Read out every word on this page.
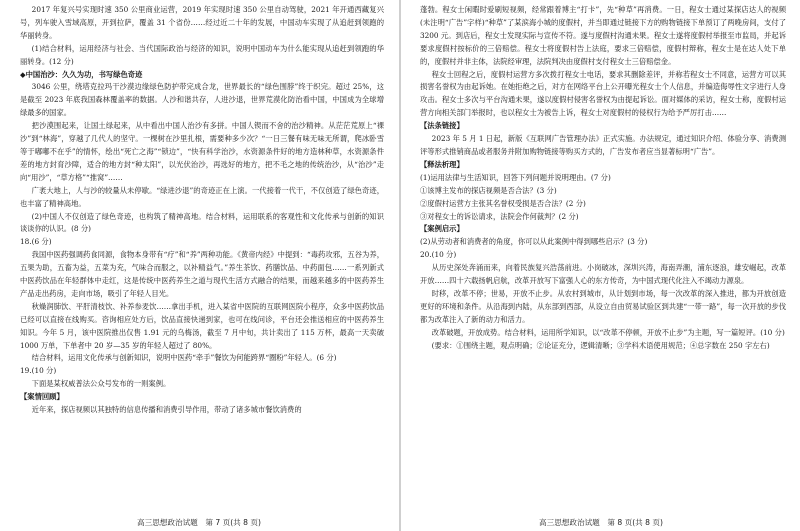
2017 年复兴号实现时速 350 公里商业运营，2019 年实现时速 350 公里自动驾驶，2021 年开通西藏复兴号，列车驶入雪域高原，开到拉萨，覆盖 31 个省份……经过近二十年的发展，中国动车实现了从追赶到领跑的华丽转身。

(1)结合材料，运用经济与社会、当代国际政治与经济的知识，说明中国动车为什么能实现从追赶到领跑的华丽转身。(12 分)

◆中国治沙：久久为功，书写绿色奇迹

3046 公里，绕塔克拉玛干沙漠边缘绿色防护带完成合龙，世界最长的“绿色围脖”终于织完。超过 25%，这是截至 2023 年底我国森林覆盖率的数据。人沙和谐共存，人进沙退，世界荒漠化防治看中国，中国成为全球增绿最多的国家。

把沙漠围起来，让国土绿起来，从中看出中国人治沙有多拼。中国人锲而不舍的治沙精神。从茫茫荒原上“裸沙”到“林海”，穿越了几代人的坚守。一棵树在沙里扎根，需要种多少次？“一日三餐有味无味无所谓，爬冰卧雪等于嘟嘟不在乎”的情怀，绘出“死亡之海”“锁边”，“快有科学治沙，水资源条件好的地方造林种草，水资源条件差的地方封育沙障，适合的地方封“种太阳”，以光伏治沙，再选好的地方，把不毛之地的传统治沙，从“治沙”走向“用沙”，“草方格”“推窝”……

广袤大地上，人与沙的较量从未停歇。“绿进沙退”的奇迹正在上演。一代接着一代干，不仅创造了绿色奇迹，也丰富了精神高地。

(2)中国人不仅创造了绿色奇迹，也构筑了精神高地。结合材料，运用联系的客观性和文化传承与创新的知识谈谈你的认识。(8 分)

18.(6 分)

我国中医药强调药食同源，食物本身带有“疗”和“养”两种功能。《黄帝内经》中提到：“毒药攻邪，五谷为养，五果为助，五畜为益，五菜为充，气味合而服之，以补精益气。”养生茶饮、药膳饮品、中药面包……一系列新式中医药饮品在年轻群体中走红，这是传统中医药养生之道与现代生活方式融合的结果，而越来越多的中医药养生产品走出药房，走向市场，吸引了年轻人目光。

秋燥润肺饮、平肝清枝饮、补养参麦饮……拿出手机，进入某省中医院的互联网医院小程序，众多中医药饮品已经可以直接在线购买。咨询相应处方后，饮品直接快递到家，也可在线问诊，平台还会推送相应的中医药养生知识。今年 5 月，该中医院推出仅售 1.91 元的乌梅汤，截至 7 月中旬，共计卖出了 115 万杯，最高一天卖破 1000 万单，下单者中 20 岁—35 岁的年轻人超过了 80%。

结合材料，运用文化传承与创新知识，说明中医药“牵手”餐饮为何能跨界“圈粉”年轻人。(6 分)

19.(10 分)

下面是某权威普法公众号发布的一则案例。

【案情回顾】

近年来，探店视频以其独特的信息传播和消费引导作用，带动了诸多城市餐饮消费的

高三思想政治试题　第 7 页(共 8 页)

蓬勃。程女士闲暇时爱刷短视频，经常跟着博主“打卡”，先“种草”再消费。一日，程女士通过某探店达人的视频(未注明“广告”字样)“种草”了某滨海小城的度假村，并当即通过链接下方的购物链接下单预订了两晚房间，支付了 3200 元。到店后，程女士发现实际与宣传不符。遂与度假村沟通未果。程女士遂将度假村举报至市监局，并起诉要求度假村按标价的三倍赔偿。程女士将度假村告上法庭，要求三倍赔偿，度假村辩称，程女士是在达人处下单的，度假村并非主体，法院经审理，法院判决由度假村支付程女士三倍赔偿金。

程女士回程之后，度假村运营方多次拨打程女士电话，要求其删除差评，并称若程女士不同意，运营方可以其损害名誉权为由起诉她。在她拒绝之后，对方在网络平台上公开曝光程女士个人信息，并编造侮辱性文字进行人身攻击。程女士多次与平台沟通未果，遂以度假村侵害名誉权为由提起诉讼。面对媒体的采访，程女士称，度假村运营方向相关部门举报时，也以程女士为被告上诉，程女士对度假村的侵权行为给予严厉打击……

【法条链接】

2023 年 5 月 1 日起，新版《互联网广告管理办法》正式实施。办法规定，通过知识介绍、体验分享、消费测评等形式推销商品或者服务并附加购物链接等购买方式的，广告发布者应当显著标明“广告”。

【释法析理】

(1)运用法律与生活知识，回答下列问题并说明理由。(7 分)

①该博主发布的探店视频是否合法？(3 分)

②度假村运营方主张其名誉权受损是否合法？(2 分)

③对程女士的诉讼请求，法院会作何裁判？(2 分)

【案例启示】

(2)从劳动者和消费者的角度，你可以从此案例中得到哪些启示？(3 分)

20.(10 分)

从历史深处奔涌而来，向着民族复兴浩荡前进。小岗破冰，深圳兴涛，海南弄潮，浦东逐浪，雄安崛起，改革开放……四十六载扬帆启航，改革开放写下富强人心的东方传奇，为中国式现代化注入不竭动力源泉。

时移，改革不停；世易，开放不止步。从农村到城市，从计划到市场，每一次改革的深入推进，都为开放创造更好的环境和条件。从沿海到内陆，从东部到西部，从设立自由贸易试验区到共建“一带一路”，每一次开放的步伐都为改革注入了新的动力和活力。

改革破题，开放成势。结合材料，运用所学知识，以“改革不停顿，开放不止步”为主题，写一篇短评。(10 分)

(要求：①围绕主题，观点明确；②论证充分，逻辑清晰；③学科术语使用规范；④总字数在 250 字左右)

高三思想政治试题　第 8 页(共 8 页)
